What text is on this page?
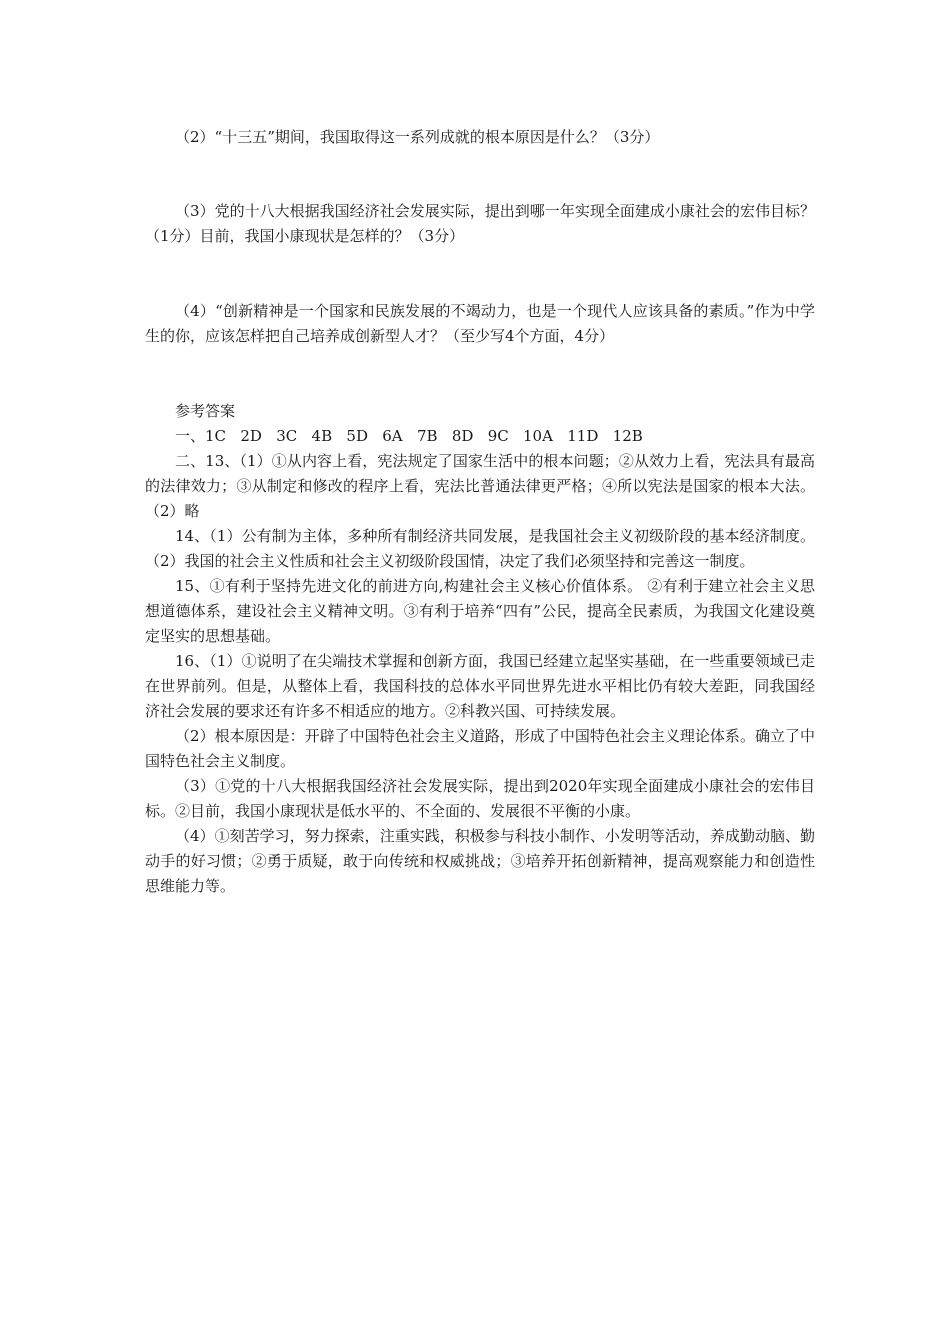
（2）“十三五”期间，我国取得这一系列成就的根本原因是什么？（3分）

（3）党的十八大根据我国经济社会发展实际，提出到哪一年实现全面建成小康社会的宏伟目标？（1分）目前，我国小康现状是怎样的？（3分）

（4）“创新精神是一个国家和民族发展的不竭动力，也是一个现代人应该具备的素质。”作为中学生的你，应该怎样把自己培养成创新型人才？（至少写4个方面，4分）

参考答案

一、1C   2D   3C   4B   5D   6A   7B   8D   9C   10A   11D   12B

二、13、（1）①从内容上看，宪法规定了国家生活中的根本问题；②从效力上看，宪法具有最高的法律效力；③从制定和修改的程序上看，宪法比普通法律更严格；④所以宪法是国家的根本大法。（2）略

14、（1）公有制为主体，多种所有制经济共同发展，是我国社会主义初级阶段的基本经济制度。（2）我国的社会主义性质和社会主义初级阶段国情，决定了我们必须坚持和完善这一制度。

15、①有利于坚持先进文化的前进方向,构建社会主义核心价值体系。 ②有利于建立社会主义思想道德体系，建设社会主义精神文明。③有利于培养“四有”公民，提高全民素质，为我国文化建设奠定坚实的思想基础。

16、（1）①说明了在尖端技术掌握和创新方面，我国已经建立起坚实基础，在一些重要领域已走在世界前列。但是，从整体上看，我国科技的总体水平同世界先进水平相比仍有较大差距，同我国经济社会发展的要求还有许多不相适应的地方。②科教兴国、可持续发展。

（2）根本原因是：开辟了中国特色社会主义道路，形成了中国特色社会主义理论体系。确立了中国特色社会主义制度。

（3）①党的十八大根据我国经济社会发展实际，提出到2020年实现全面建成小康社会的宏伟目标。②目前，我国小康现状是低水平的、不全面的、发展很不平衡的小康。

（4）①刻苦学习，努力探索，注重实践，积极参与科技小制作、小发明等活动，养成勤动脑、勤动手的好习惯；②勇于质疑，敢于向传统和权威挑战；③培养开拓创新精神，提高观察能力和创造性思维能力等。
